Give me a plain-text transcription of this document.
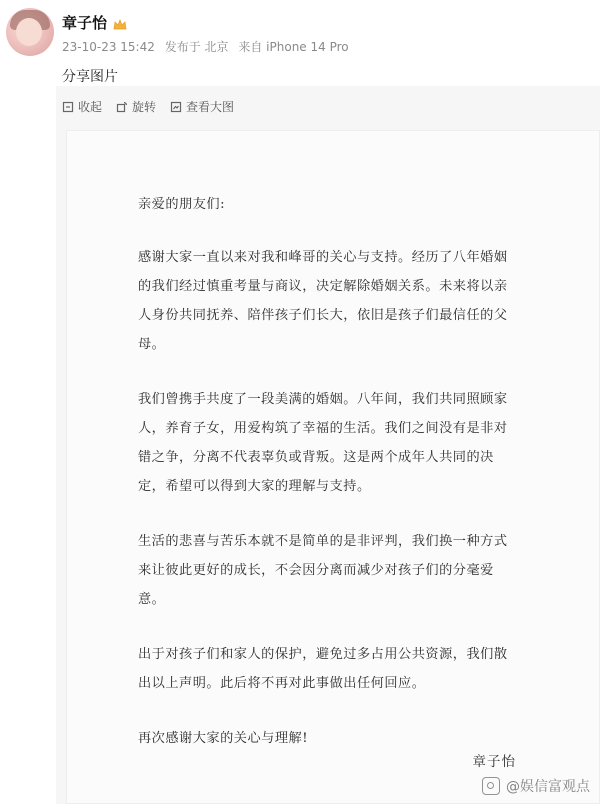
章子怡
23-10-23 15:42 发布于 北京 来自 iPhone 14 Pro
分享图片
收起	旋转	查看大图

亲爱的朋友们:

感谢大家一直以来对我和峰哥的关心与支持。经历了八年婚姻的我们经过慎重考量与商议，决定解除婚姻关系。未来将以亲人身份共同抚养、陪伴孩子们长大，依旧是孩子们最信任的父母。

我们曾携手共度了一段美满的婚姻。八年间，我们共同照顾家人，养育子女，用爱构筑了幸福的生活。我们之间没有是非对错之争，分离不代表辜负或背叛。这是两个成年人共同的决定，希望可以得到大家的理解与支持。

生活的悲喜与苦乐本就不是简单的是非评判，我们换一种方式来让彼此更好的成长，不会因分离而减少对孩子们的分毫爱意。

出于对孩子们和家人的保护，避免过多占用公共资源，我们散出以上声明。此后将不再对此事做出任何回应。

再次感谢大家的关心与理解!

章子怡
@娱信富观点
